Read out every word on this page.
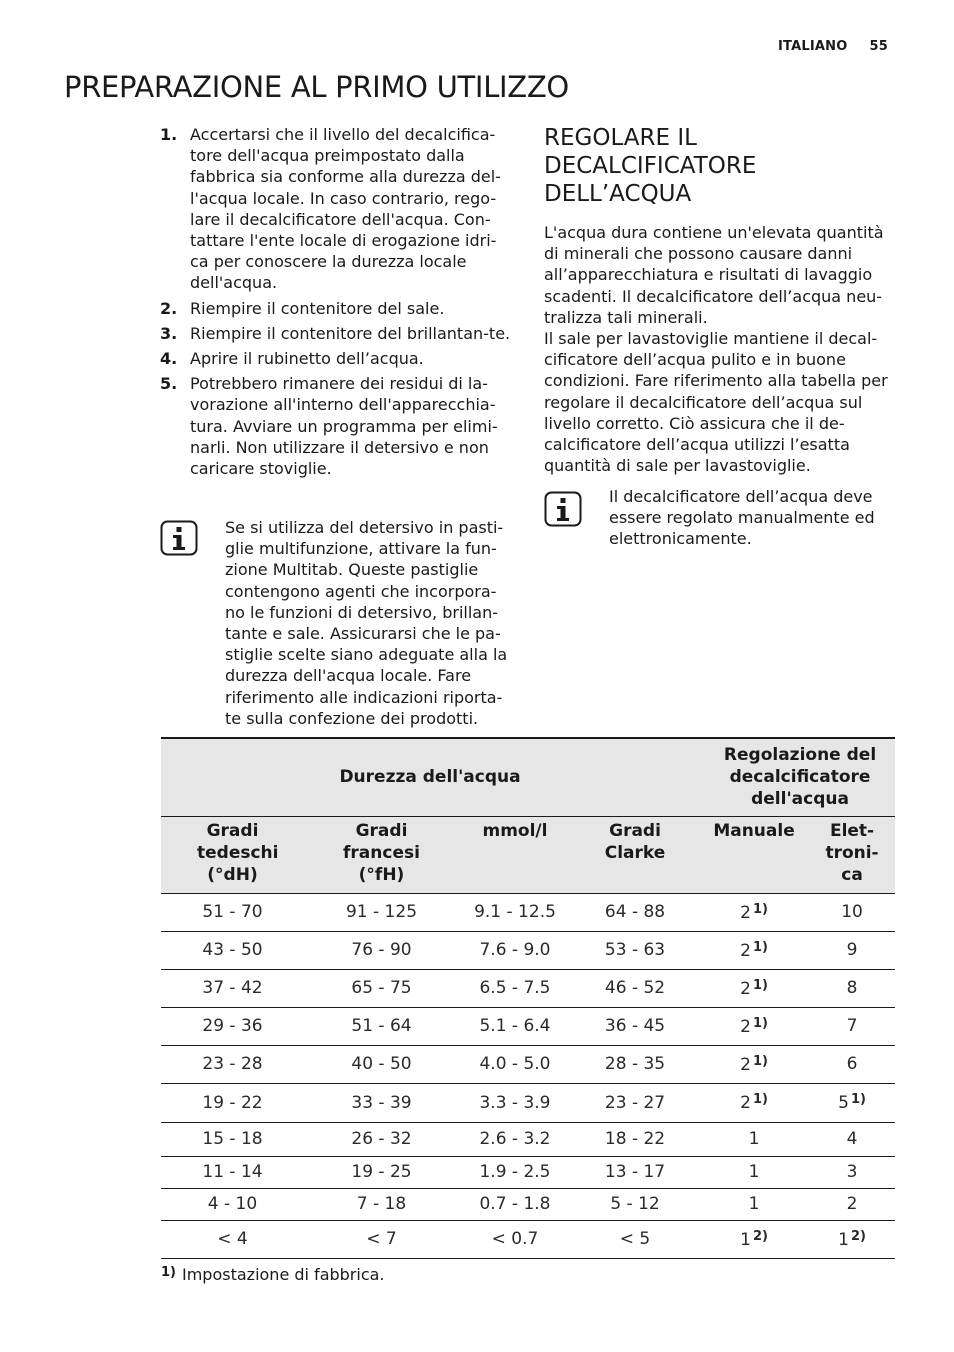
ITALIANO 55
PREPARAZIONE AL PRIMO UTILIZZO
1. Accertarsi che il livello del decalcifica-tore dell'acqua preimpostato dalla fabbrica sia conforme alla durezza del-l'acqua locale. In caso contrario, rego-lare il decalcificatore dell'acqua. Con-tattare l'ente locale di erogazione idri-ca per conoscere la durezza locale dell'acqua.
2. Riempire il contenitore del sale.
3. Riempire il contenitore del brillantan-te.
4. Aprire il rubinetto dell’acqua.
5. Potrebbero rimanere dei residui di la-vorazione all'interno dell'apparecchia-tura. Avviare un programma per elimi-narli. Non utilizzare il detersivo e non caricare stoviglie.
Se si utilizza del detersivo in pasti-glie multifunzione, attivare la fun-zione Multitab. Queste pastiglie contengono agenti che incorpora-no le funzioni di detersivo, brillan-tante e sale. Assicurarsi che le pa-stiglie scelte siano adeguate alla la durezza dell'acqua locale. Fare riferimento alle indicazioni riporta-te sulla confezione dei prodotti.
REGOLARE IL DECALCIFICATORE DELL’ACQUA

L'acqua dura contiene un'elevata quantità di minerali che possono causare danni all’apparecchiatura e risultati di lavaggio scadenti. Il decalcificatore dell’acqua neu-tralizza tali minerali.
Il sale per lavastoviglie mantiene il decal-cificatore dell’acqua pulito e in buone condizioni. Fare riferimento alla tabella per regolare il decalcificatore dell’acqua sul livello corretto. Ciò assicura che il de-calcificatore dell’acqua utilizzi l’esatta quantità di sale per lavastoviglie.

Il decalcificatore dell’acqua deve essere regolato manualmente ed elettronicamente.
Durezza dell'acqua				Regolazione del decalcificatore dell'acqua	

Gradi tedeschi (°dH)	Gradi francesi (°fH)	mmol/l	Gradi Clarke	Manuale	Elet-troni-ca

51 - 70	91 - 125	9.1 - 12.5	64 - 88	2 $^{1)}$	10
43 - 50	76 - 90	7.6 - 9.0	53 - 63	2 $^{1)}$	9
37 - 42	65 - 75	6.5 - 7.5	46 - 52	2 $^{1)}$	8
29 - 36	51 - 64	5.1 - 6.4	36 - 45	2 $^{1)}$	7
23 - 28	40 - 50	4.0 - 5.0	28 - 35	2 $^{1)}$	6
19 - 22	33 - 39	3.3 - 3.9	23 - 27	2 $^{1)}$	5 $^{1)}$
15 - 18	26 - 32	2.6 - 3.2	18 - 22	1	4
11 - 14	19 - 25	1.9 - 2.5	13 - 17	1	3
4 - 10	7 - 18	0.7 - 1.8	5 - 12	1	2
< 4	< 7	< 0.7	< 5	1 $^{2)}$	1 $^{2)}$
$^{1)}$ Impostazione di fabbrica.
